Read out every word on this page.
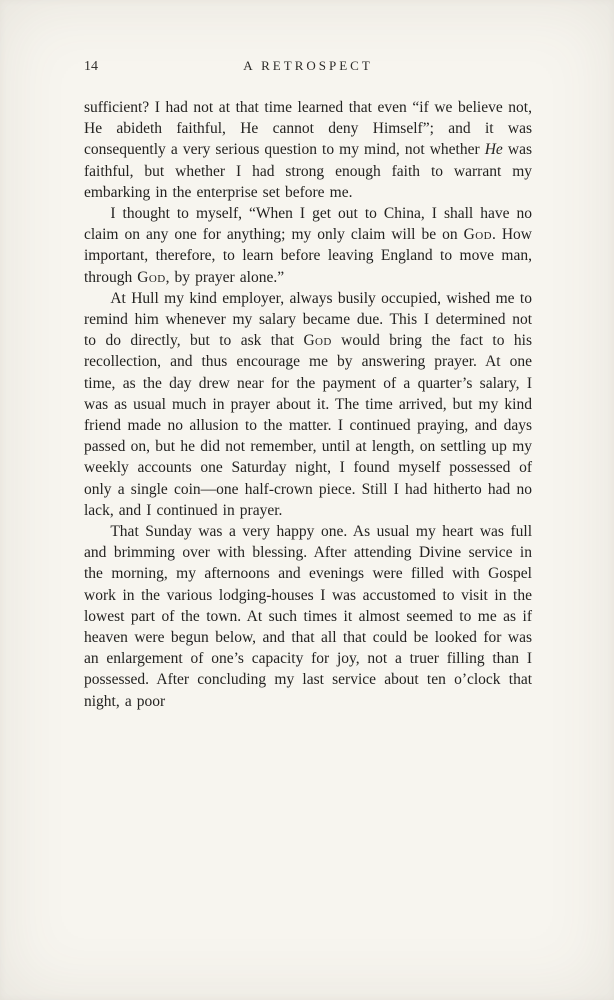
14	A RETROSPECT

sufficient? I had not at that time learned that even “if we believe not, He abideth faithful, He cannot deny Himself”; and it was consequently a very serious question to my mind, not whether He was faithful, but whether I had strong enough faith to warrant my embarking in the enterprise set before me.

I thought to myself, “When I get out to China, I shall have no claim on any one for anything; my only claim will be on God. How important, therefore, to learn before leaving England to move man, through God, by prayer alone.”

At Hull my kind employer, always busily occupied, wished me to remind him whenever my salary became due. This I determined not to do directly, but to ask that God would bring the fact to his recollection, and thus encourage me by answering prayer. At one time, as the day drew near for the payment of a quarter’s salary, I was as usual much in prayer about it. The time arrived, but my kind friend made no allusion to the matter. I continued praying, and days passed on, but he did not remember, until at length, on settling up my weekly accounts one Saturday night, I found myself possessed of only a single coin—one half-crown piece. Still I had hitherto had no lack, and I continued in prayer.

That Sunday was a very happy one. As usual my heart was full and brimming over with blessing. After attending Divine service in the morning, my afternoons and evenings were filled with Gospel work in the various lodging-houses I was accustomed to visit in the lowest part of the town. At such times it almost seemed to me as if heaven were begun below, and that all that could be looked for was an enlargement of one’s capacity for joy, not a truer filling than I possessed. After concluding my last service about ten o’clock that night, a poor
